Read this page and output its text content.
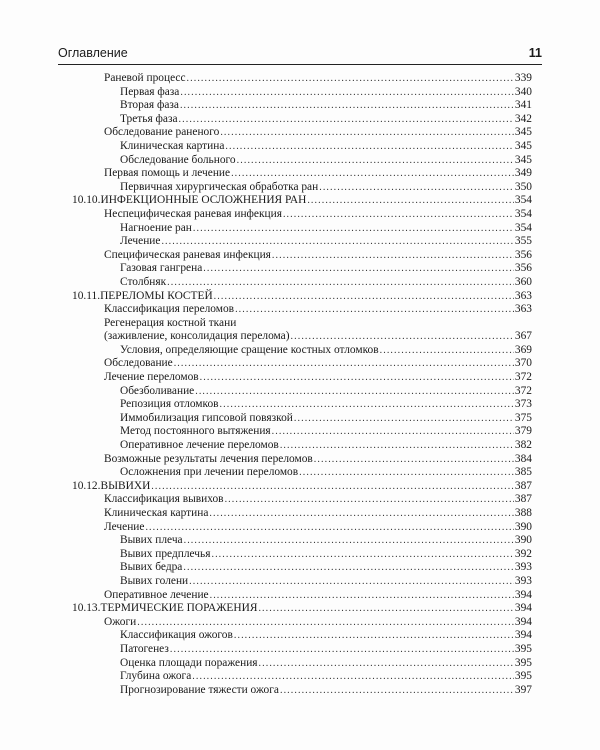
Оглавление	11
Раневой процесс .....	339
Первая фаза .....	340
Вторая фаза .....	341
Третья фаза .....	342
Обследование раненого .....	345
Клиническая картина .....	345
Обследование больного .....	345
Первая помощь и лечение .....	349
Первичная хирургическая обработка ран .....	350
10.10. ИНФЕКЦИОННЫЕ ОСЛОЖНЕНИЯ РАН .....	354
Неспецифическая раневая инфекция .....	354
Нагноение ран .....	354
Лечение .....	355
Специфическая раневая инфекция .....	356
Газовая гангрена .....	356
Столбняк .....	360
10.11. ПЕРЕЛОМЫ КОСТЕЙ .....	363
Классификация переломов .....	363
Регенерация костной ткани
(заживление, консолидация перелома) .....	367
Условия, определяющие сращение костных отломков .....	369
Обследование .....	370
Лечение переломов .....	372
Обезболивание .....	372
Репозиция отломков .....	373
Иммобилизация гипсовой повязкой .....	375
Метод постоянного вытяжения .....	379
Оперативное лечение переломов .....	382
Возможные результаты лечения переломов .....	384
Осложнения при лечении переломов .....	385
10.12. ВЫВИХИ .....	387
Классификация вывихов .....	387
Клиническая картина .....	388
Лечение .....	390
Вывих плеча .....	390
Вывих предплечья .....	392
Вывих бедра .....	393
Вывих голени .....	393
Оперативное лечение .....	394
10.13. ТЕРМИЧЕСКИЕ ПОРАЖЕНИЯ .....	394
Ожоги .....	394
Классификация ожогов .....	394
Патогенез .....	395
Оценка площади поражения .....	395
Глубина ожога .....	395
Прогнозирование тяжести ожога .....	397
